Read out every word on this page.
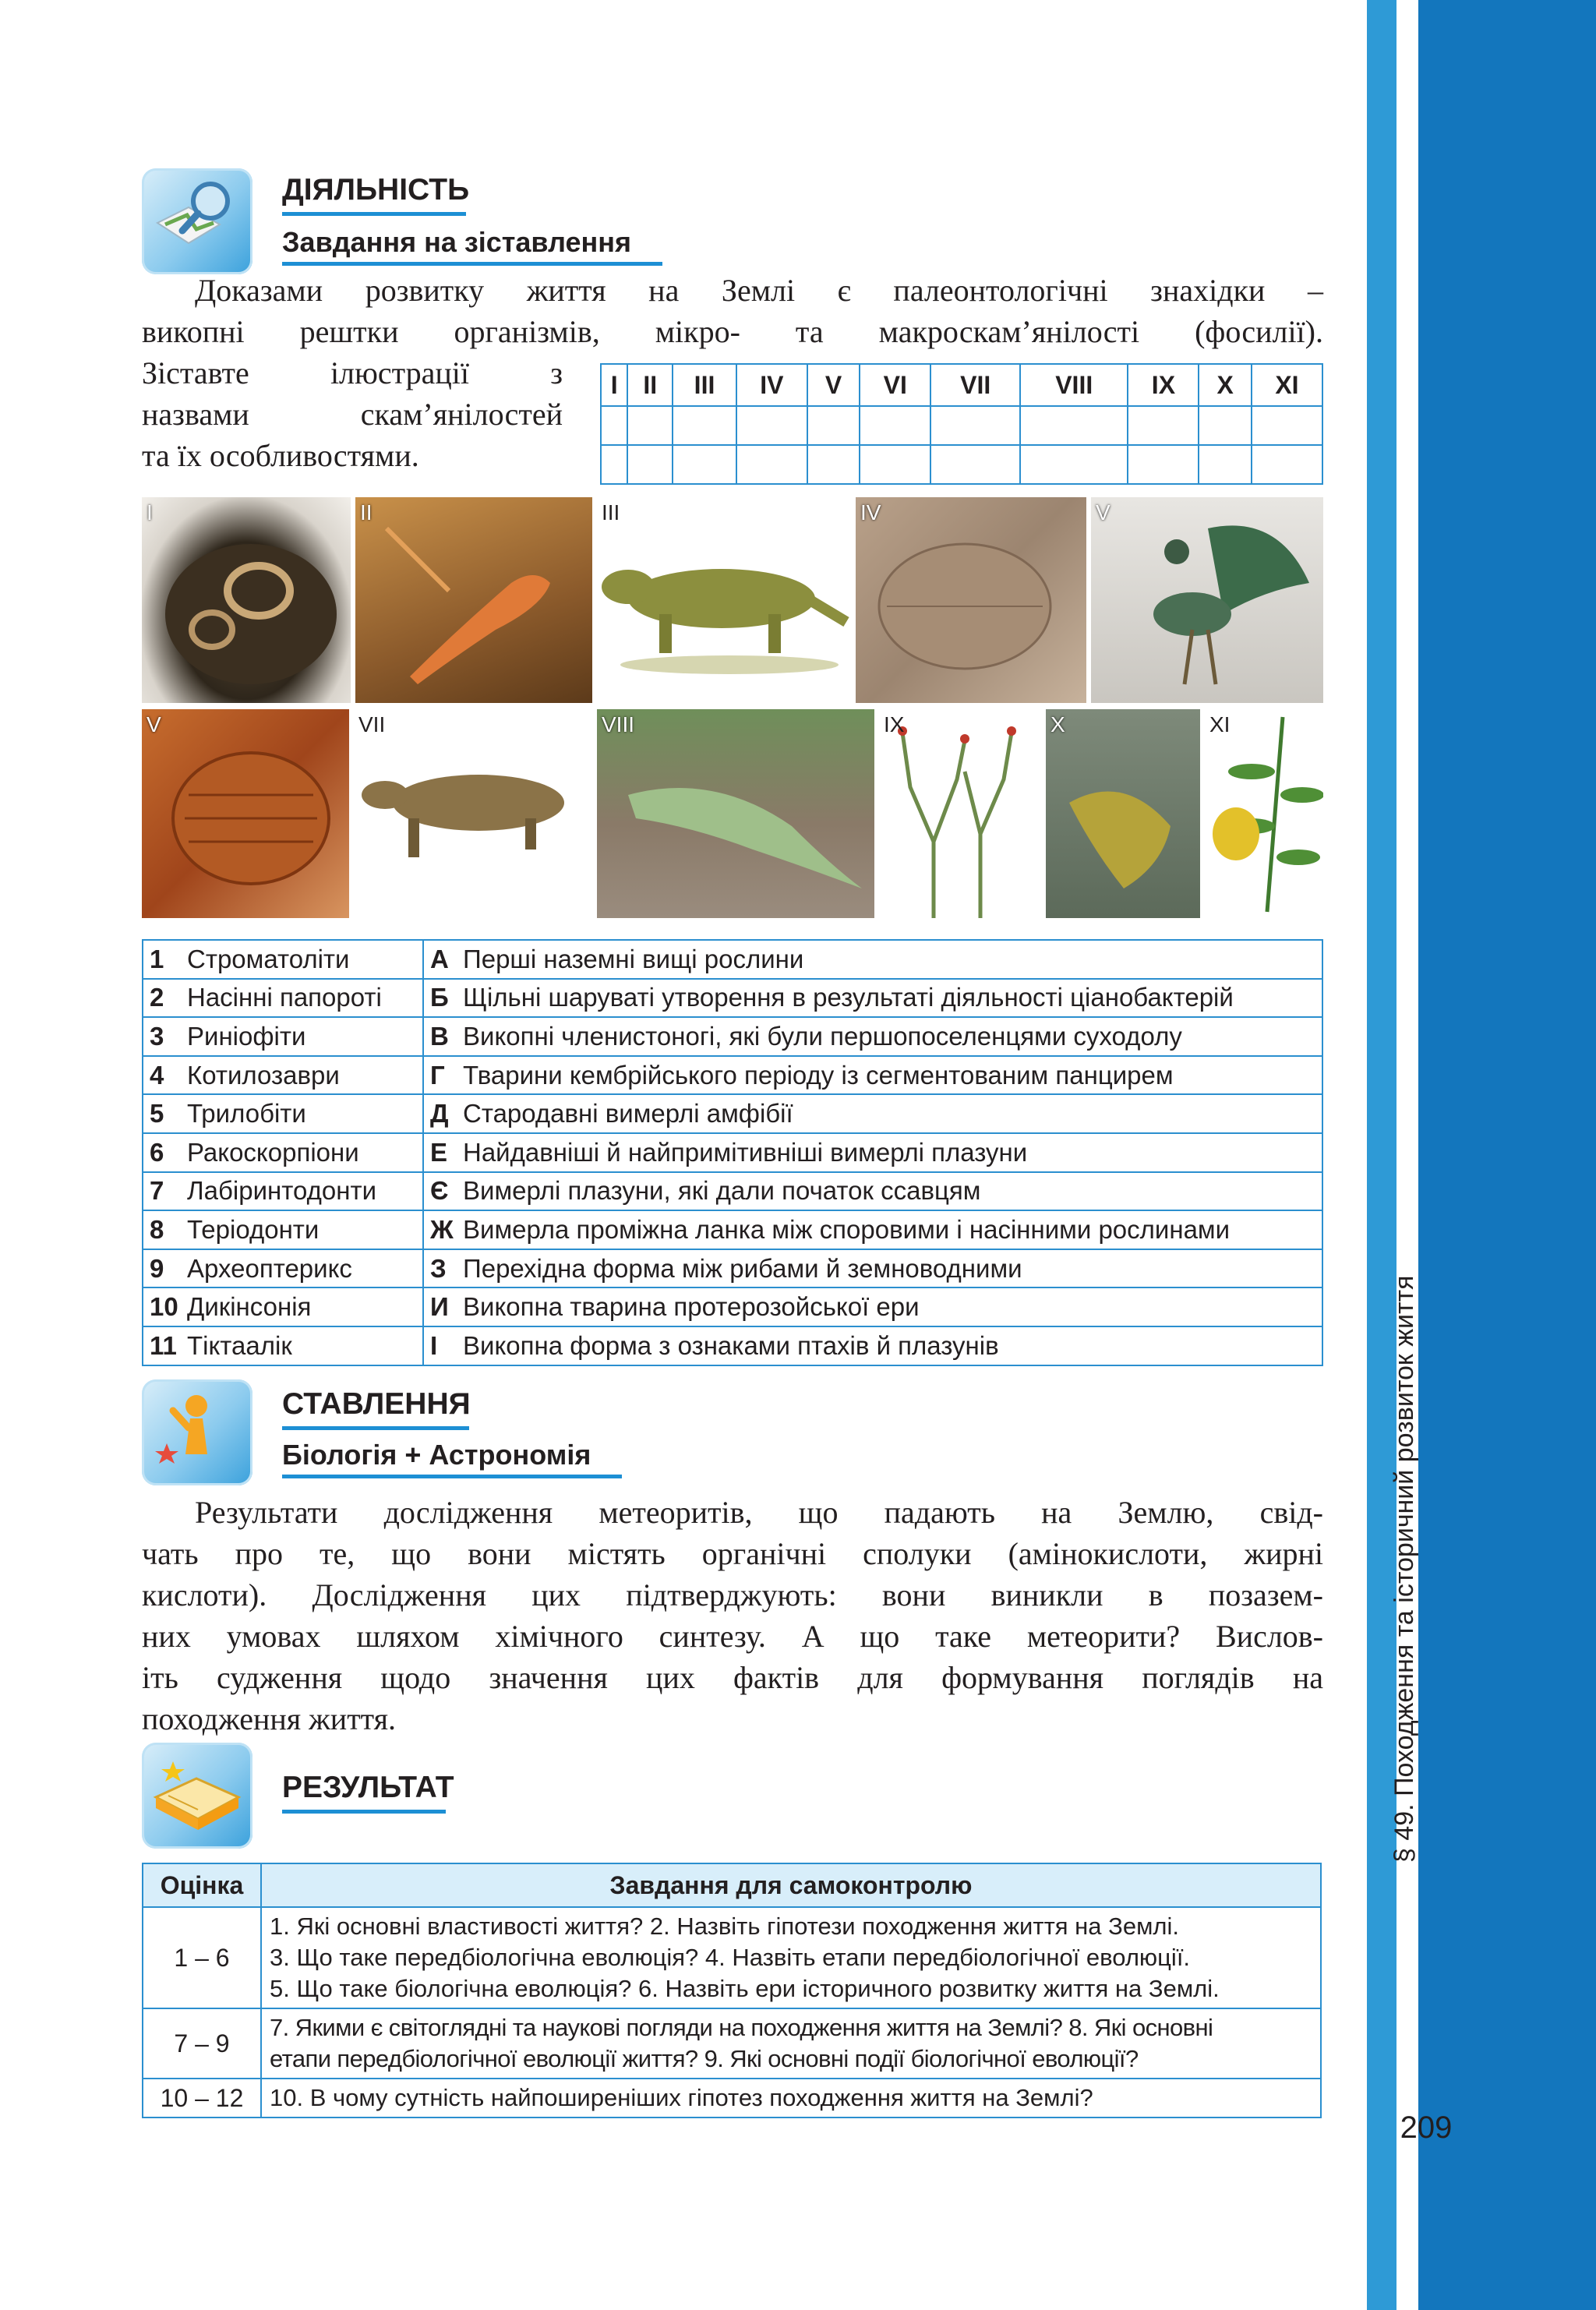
§ 49. Походження та історичний розвиток життя
209
ДІЯЛЬНІСТЬ
Завдання на зіставлення

Доказами розвитку життя на Землі є палеонтологічні знахідки –

викопні рештки організмів, мікро- та макроскам’янілості (фосилії).

Зіставте ілюстрації з

назвами скам’янілостей

та їх особливостями.

I	II	III	IV	V	VI	VII	VIII	IX	X	XI

I	II	III	IV	V
V	VII	VIII	IX	X	XI
1	Строматоліти	А	Перші наземні вищі рослини
2	Насінні папороті	Б	Щільні шаруваті утворення в результаті діяльності ціанобактерій
3	Риніофіти	В	Викопні членистоногі, які були першопоселенцями суходолу
4	Котилозаври	Г	Тварини кембрійського періоду із сегментованим панцирем
5	Трилобіти	Д	Стародавні вимерлі амфібії
6	Ракоскорпіони	Е	Найдавніші й найпримітивніші вимерлі плазуни
7	Лабіринтодонти	Є	Вимерлі плазуни, які дали початок ссавцям
8	Теріодонти	Ж	Вимерла проміжна ланка між споровими і насінними рослинами
9	Археоптерикс	З	Перехідна форма між рибами й земноводними
10	Дикінсонія	И	Викопна тварина протерозойської ери
11	Тіктаалік	І	Викопна форма з ознаками птахів й плазунів
СТАВЛЕННЯ
Біологія + Астрономія

Результати дослідження метеоритів, що падають на Землю, свід-

чать про те, що вони містять органічні сполуки (амінокислоти, жирні

кислоти). Дослідження цих підтверджують: вони виникли в позазем-

них умовах шляхом хімічного синтезу. А що таке метеорити? Вислов-

іть судження щодо значення цих фактів для формування поглядів на

походження життя.

РЕЗУЛЬТАТ
Оцінка	Завдання для самоконтролю
1 – 6	1. Які основні властивості життя? 2. Назвіть гіпотези походження життя на Землі.
3. Що таке передбіологічна еволюція? 4. Назвіть етапи передбіологічної еволюції.
5. Що таке біологічна еволюція? 6. Назвіть ери історичного розвитку життя на Землі.

7 – 9	7. Якими є світоглядні та наукові погляди на походження життя на Землі? 8. Які основні
етапи передбіологічної еволюції життя? 9. Які основні події біологічної еволюції?

10 – 12	10. В чому сутність найпоширеніших гіпотез походження життя на Землі?
